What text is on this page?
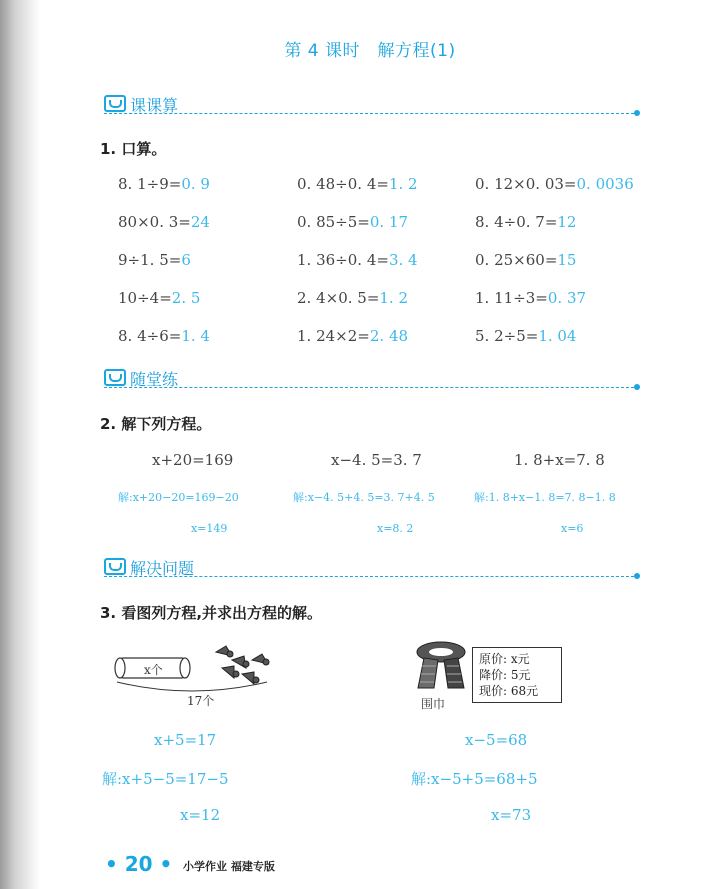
第 4 课时　解方程(1)
课课算
1. 口算。
8. 1÷9=0. 9	0. 48÷0. 4=1. 2	0. 12×0. 03=0. 0036
80×0. 3=24	0. 85÷5=0. 17	8. 4÷0. 7=12
9÷1. 5=6	1. 36÷0. 4=3. 4	0. 25×60=15
10÷4=2. 5	2. 4×0. 5=1. 2	1. 11÷3=0. 37
8. 4÷6=1. 4	1. 24×2=2. 48	5. 2÷5=1. 04
随堂练
2. 解下列方程。
x+20=169	x−4. 5=3. 7	1. 8+x=7. 8
解:x+20−20=169−20	解:x−4. 5+4. 5=3. 7+4. 5	解:1. 8+x−1. 8=7. 8−1. 8
x=149	x=8. 2	x=6
解决问题
3. 看图列方程,并求出方程的解。
x个
17个	围巾
原价: x元
降价: 5元
现价: 68元
x+5=17
解:x+5−5=17−5
x=12
x−5=68
解:x−5+5=68+5
x=73
• 20 • 小学作业 福建专版
